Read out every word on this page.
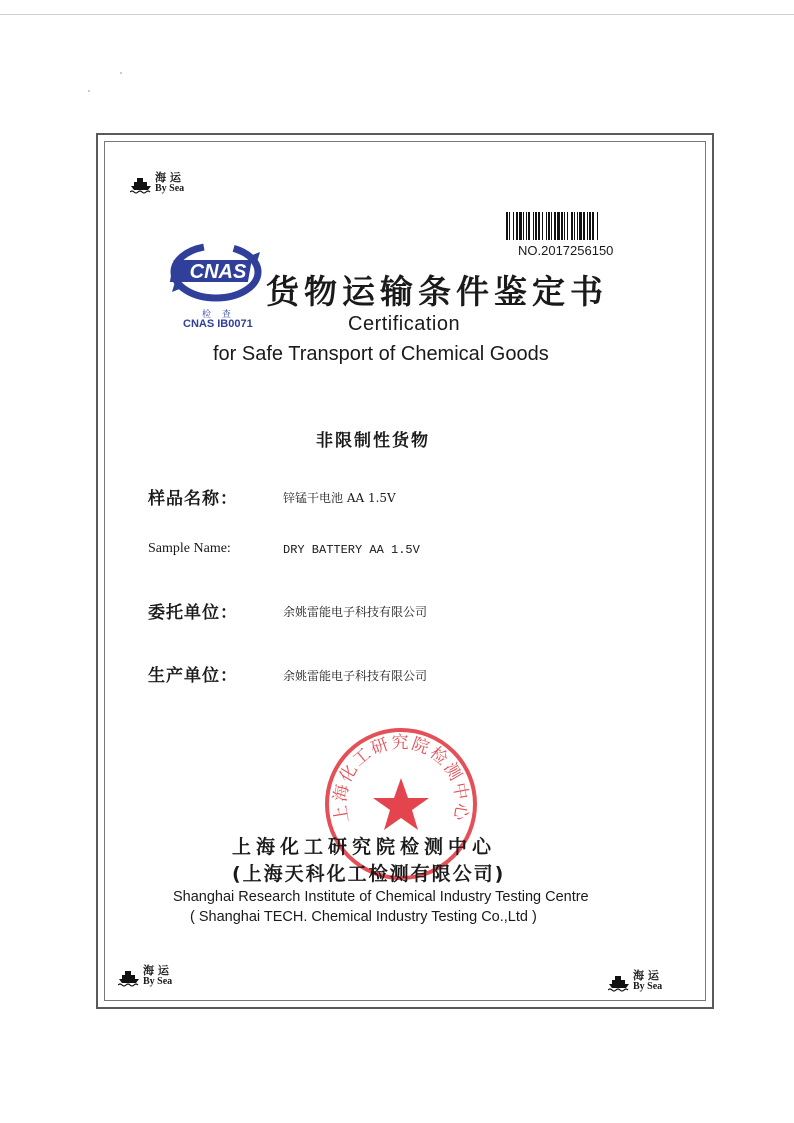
海 运
By Sea
海 运
By Sea	海 运
By Sea
NO.2017256150
CNAS
检 查
CNAS IB0071
货物运输条件鉴定书
Certification
for Safe Transport of Chemical Goods
非限制性货物
样品名称：	锌锰干电池 AA 1.5V
Sample Name:	DRY BATTERY AA 1.5V
委托单位：	余姚雷能电子科技有限公司
生产单位：	余姚雷能电子科技有限公司
上海化工研究院检测中心
上海化工研究院检测中心
(上海天科化工检测有限公司)
Shanghai Research Institute of Chemical Industry Testing Centre
( Shanghai TECH. Chemical Industry Testing Co.,Ltd )
